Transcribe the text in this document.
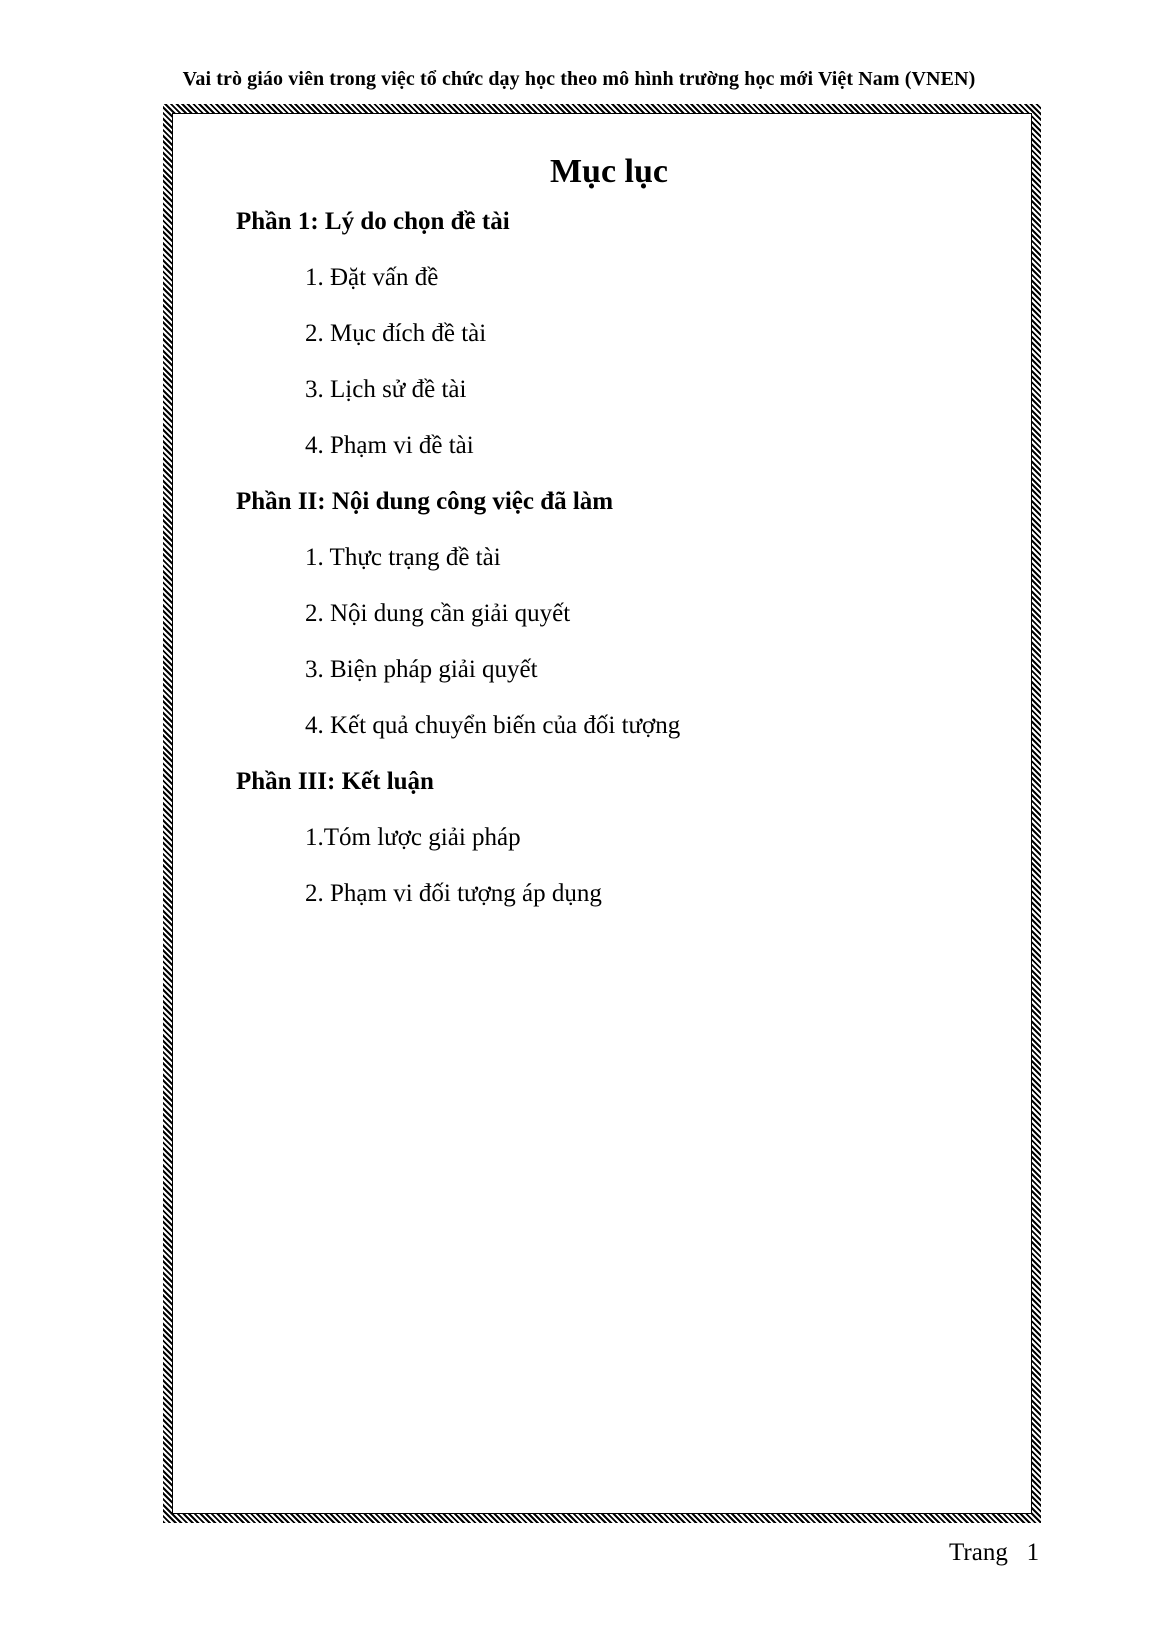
Vai trò giáo viên trong việc tổ chức dạy học theo mô hình trường học mới Việt Nam (VNEN)
Mục lục
Phần 1: Lý do chọn đề tài
1. Đặt vấn đề
2. Mục đích đề tài
3. Lịch sử đề tài
4. Phạm vi đề tài
Phần II: Nội dung công việc đã làm
1. Thực trạng đề tài
2. Nội dung cần giải quyết
3. Biện pháp giải quyết
4. Kết quả chuyển biến của đối tượng
Phần III: Kết luận
1.Tóm lược giải pháp
2. Phạm vi đối tượng áp dụng
Trang 1
